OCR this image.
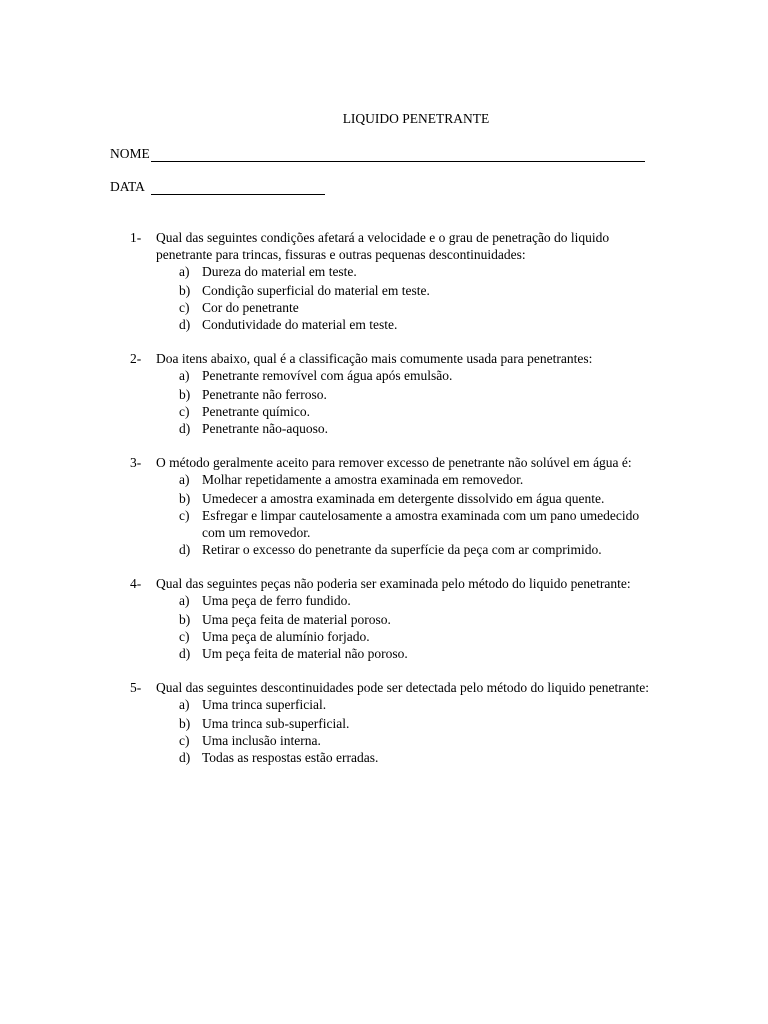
LIQUIDO PENETRANTE
NOME
DATA
1-	Qual das seguintes condições afetará a velocidade e o grau de penetração do liquido penetrante para trincas, fissuras e outras pequenas descontinuidades:
a) Dureza do material em teste.
b) Condição superficial do material em teste.
c) Cor do penetrante
d) Condutividade do material em teste.
2-	Doa itens abaixo, qual é a classificação mais comumente usada para penetrantes:
a) Penetrante removível com água após emulsão.
b) Penetrante não ferroso.
c) Penetrante químico.
d) Penetrante não-aquoso.
3-	O método geralmente aceito para remover excesso de penetrante não solúvel em água é:
a) Molhar repetidamente a amostra examinada em removedor.
b) Umedecer a amostra examinada em detergente dissolvido em água quente.
c) Esfregar e limpar cautelosamente a amostra examinada com um pano umedecido com um removedor.
d) Retirar o excesso do penetrante da superfície da peça com ar comprimido.
4-	Qual das seguintes peças não poderia ser examinada pelo método do liquido penetrante:
a) Uma peça de ferro fundido.
b) Uma peça feita de material poroso.
c) Uma peça de alumínio forjado.
d) Um peça feita de material não poroso.
5-	Qual das seguintes descontinuidades pode ser detectada pelo método do liquido penetrante:
a) Uma trinca superficial.
b) Uma trinca sub-superficial.
c) Uma inclusão interna.
d) Todas as respostas estão erradas.
